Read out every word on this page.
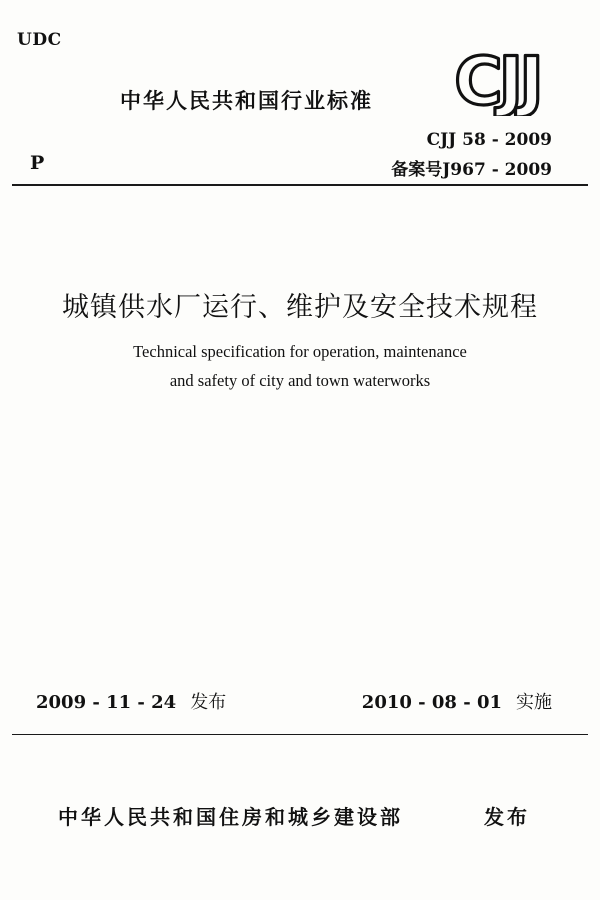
UDC
中华人民共和国行业标准 CJJ
CJJ 58 - 2009
备案号J967 - 2009
P
城镇供水厂运行、维护及安全技术规程
Technical specification for operation, maintenance
and safety of city and town waterworks
2009 - 11 - 24 发布	2010 - 08 - 01 实施
中华人民共和国住房和城乡建设部	发布
